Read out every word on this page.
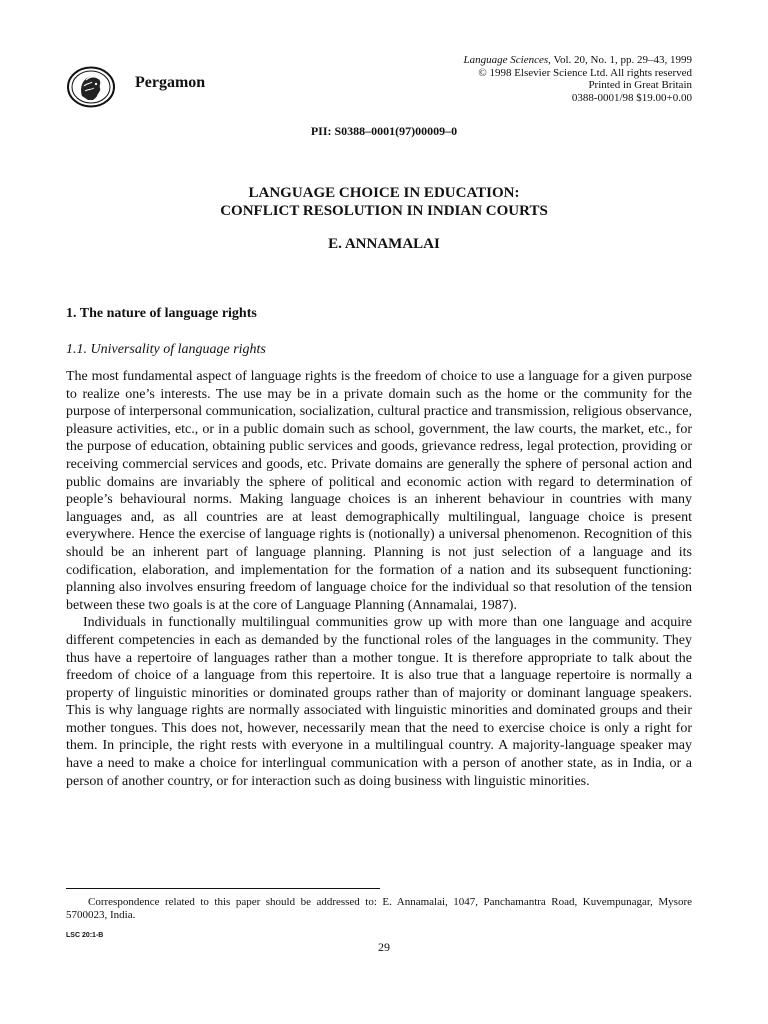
Pergamon
Language Sciences, Vol. 20, No. 1, pp. 29–43, 1999
© 1998 Elsevier Science Ltd. All rights reserved
Printed in Great Britain
0388-0001/98 $19.00+0.00
PII: S0388–0001(97)00009–0
LANGUAGE CHOICE IN EDUCATION:
CONFLICT RESOLUTION IN INDIAN COURTS
E. ANNAMALAI
1. The nature of language rights
1.1. Universality of language rights

The most fundamental aspect of language rights is the freedom of choice to use a language for a given purpose to realize one’s interests. The use may be in a private domain such as the home or the community for the purpose of interpersonal communication, socialization, cultural practice and transmission, religious observance, pleasure activities, etc., or in a public domain such as school, government, the law courts, the market, etc., for the purpose of education, obtaining public services and goods, grievance redress, legal protection, providing or receiving commercial services and goods, etc. Private domains are generally the sphere of personal action and public domains are invariably the sphere of political and economic action with regard to determination of people’s behavioural norms. Making language choices is an inherent behaviour in countries with many languages and, as all countries are at least demographically multilingual, language choice is present everywhere. Hence the exercise of language rights is (notionally) a universal phenomenon. Recognition of this should be an inherent part of language planning. Planning is not just selection of a language and its codification, elaboration, and implementation for the formation of a nation and its subsequent functioning: planning also involves ensuring freedom of language choice for the individual so that resolution of the tension between these two goals is at the core of Language Planning (Annamalai, 1987).

Individuals in functionally multilingual communities grow up with more than one language and acquire different competencies in each as demanded by the functional roles of the languages in the community. They thus have a repertoire of languages rather than a mother tongue. It is therefore appropriate to talk about the freedom of choice of a language from this repertoire. It is also true that a language repertoire is normally a property of linguistic minorities or dominated groups rather than of majority or dominant language speakers. This is why language rights are normally associated with linguistic minorities and dominated groups and their mother tongues. This does not, however, necessarily mean that the need to exercise choice is only a right for them. In principle, the right rests with everyone in a multilingual country. A majority-language speaker may have a need to make a choice for interlingual communication with a person of another state, as in India, or a person of another country, or for interaction such as doing business with linguistic minorities.

Correspondence related to this paper should be addressed to: E. Annamalai, 1047, Panchamantra Road, Kuvempunagar, Mysore 5700023, India.
LSC 20:1-B
29
